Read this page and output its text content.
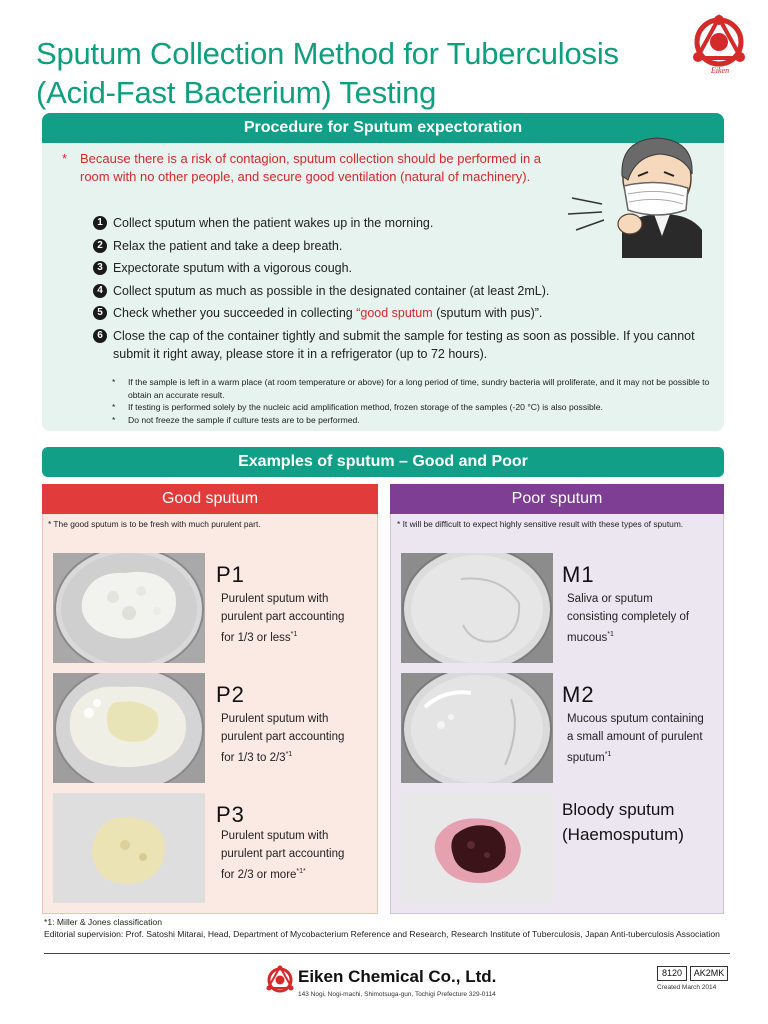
Sputum Collection Method for Tuberculosis
(Acid-Fast Bacterium) Testing
Eiken
Procedure for Sputum expectoration
* Because there is a risk of contagion, sputum collection should be performed in a room with no other people, and secure good ventilation (natural of machinery).
1 Collect sputum when the patient wakes up in the morning.
2 Relax the patient and take a deep breath.
3 Expectorate sputum with a vigorous cough.
4 Collect sputum as much as possible in the designated container (at least 2mL).
5 Check whether you succeeded in collecting “good sputum (sputum with pus)”.
6 Close the cap of the container tightly and submit the sample for testing as soon as possible. If you cannot submit it right away, please store it in a refrigerator (up to 72 hours).
* If the sample is left in a warm place (at room temperature or above) for a long period of time, sundry bacteria will proliferate, and it may not be possible to obtain an accurate result.
* If testing is performed solely by the nucleic acid amplification method, frozen storage of the samples (-20 °C) is also possible.
* Do not freeze the sample if culture tests are to be performed.
Examples of sputum – Good and Poor
Good sputum
* The good sputum is to be fresh with much purulent part.
Poor sputum
* It will be difficult to expect highly sensitive result with these types of sputum.
P1
Purulent sputum with
purulent part accounting
for 1/3 or less$^{*1}$
P2
Purulent sputum with
purulent part accounting
for 1/3 to 2/3$^{*1}$
P3
Purulent sputum with
purulent part accounting
for 2/3 or more$^{*1*}$
M1
Saliva or sputum
consisting completely of
mucous$^{*1}$
M2
Mucous sputum containing
a small amount of purulent
sputum$^{*1}$
Bloody sputum
(Haemosputum)
*1: Miller & Jones classification
Editorial supervision: Prof. Satoshi Mitarai, Head, Department of Mycobacterium Reference and Research, Research Institute of Tuberculosis, Japan Anti-tuberculosis Association
Eiken Chemical Co., Ltd.
143 Nogi, Nogi-machi, Shimotsuga-gun, Tochigi Prefecture 329-0114
8120	AK2MK
Created March 2014
